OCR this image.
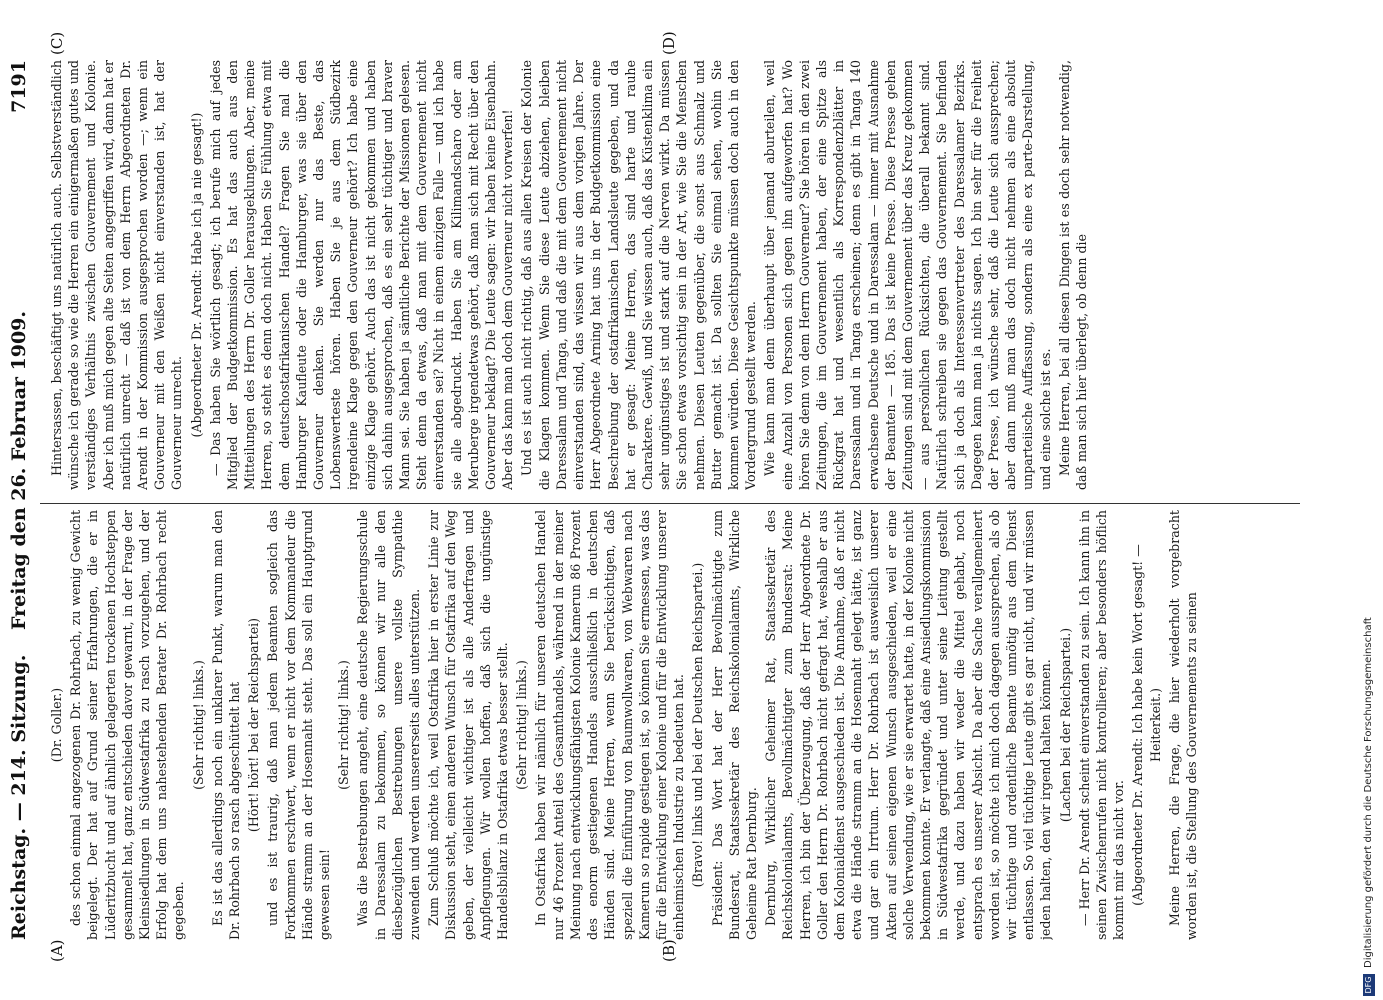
Reichstag. — 214. Sitzung.
Freitag den 26. Februar 1909.
7191
(A)	(B)
(C)	(D)

(Dr. Goller.) des schon einmal angezogenen Dr. Rohrbach, zu wenig Gewicht beigelegt. Der hat auf Grund seiner Erfahrungen, die er in Lüderitzbucht und auf ähnlich gelagerten trockenen Hochsteppen gesammelt hat, ganz entschieden davor gewarnt, in der Frage der Kleinsiedlungen in Südwestafrika zu rasch vorzugehen, und der Erfolg hat dem uns nahestehenden Berater Dr. Rohrbach recht gegeben.

(Sehr richtig! links.) Es ist das allerdings noch ein unklarer Punkt, warum man den Dr. Rohrbach so rasch abgeschüttelt hat (Hört! hört! bei der Reichspartei) und es ist traurig, daß man jedem Beamten sogleich das Fortkommen erschwert, wenn er nicht vor dem Kommandeur die Hände stramm an der Hosennaht steht. Das soll ein Hauptgrund gewesen sein!

(Sehr richtig! links.) Was die Bestrebungen angeht, eine deutsche Regierungsschule in Daressalam zu bekommen, so können wir nur alle den diesbezüglichen Bestrebungen unsere vollste Sympathie zuwenden und werden unsererseits alles unterstützen. Zum Schluß möchte ich, weil Ostafrika hier in erster Linie zur Diskussion steht, einen anderen Wunsch für Ostafrika auf den Weg geben, der vielleicht wichtiger ist als alle Anderfragen und Anpflegungen. Wir wollen hoffen, daß sich die ungünstige Handelsbilanz in Ostafrika etwas besser stellt. (Sehr richtig! links.) In Ostafrika haben wir nämlich für unseren deutschen Handel nur 46 Prozent Anteil des Gesamthandels, während in der meiner Meinung nach entwicklungsfähigsten Kolonie Kamerun 86 Prozent des enorm gestiegenen Handels ausschließlich in deutschen Händen sind. Meine Herren, wenn Sie berücksichtigen, daß speziell die Einführung von Baumwollwaren, von Webwaren nach Kamerun so rapide gestiegen ist, so können Sie ermessen, was das für die Entwicklung einer Kolonie und für die Entwicklung unserer einheimischen Industrie zu bedeuten hat. (Bravo! links und bei der Deutschen Reichspartei.) Präsident: Das Wort hat der Herr Bevollmächtigte zum Bundesrat, Staatssekretär des Reichskolonialamts, Wirkliche Geheime Rat Dernburg. Dernburg, Wirklicher Geheimer Rat, Staatssekretär des Reichskolonialamts, Bevollmächtigter zum Bundesrat: Meine Herren, ich bin der Überzeugung, daß der Herr Abgeordnete Dr. Goller den Herrn Dr. Rohrbach nicht gefragt hat, weshalb er aus dem Kolonialdienst ausgeschieden ist. Die Annahme, daß er nicht etwa die Hände stramm an die Hosennaht gelegt hätte, ist ganz und gar ein Irrtum. Herr Dr. Rohrbach ist ausweislich unserer Akten auf seinen eigenen Wunsch ausgeschieden, weil er eine solche Verwendung, wie er sie erwartet hatte, in der Kolonie nicht bekommen konnte. Er verlangte, daß eine Ansiedlungskommission in Südwestafrika gegründet und unter seine Leitung gestellt werde, und dazu haben wir weder die Mittel gehabt, noch entsprach es unserer Absicht. Da aber die Sache verallgemeinert worden ist, so möchte ich mich doch dagegen aussprechen, als ob wir tüchtige und ordentliche Beamte unnötig aus dem Dienst entlassen. So viel tüchtige Leute gibt es gar nicht, und wir müssen jeden halten, den wir irgend halten können. (Lachen bei der Reichspartei.) — Herr Dr. Arendt scheint einverstanden zu sein. Ich kann ihn in seinen Zwischenrufen nicht kontrollieren; aber besonders höflich kommt mir das nicht vor. (Abgeordneter Dr. Arendt: Ich habe kein Wort gesagt! — Heiterkeit.) Meine Herren, die Frage, die hier wiederholt vorgebracht worden ist, die Stellung des Gouvernements zu seinen

Hintersassen, beschäftigt uns natürlich auch. Selbstverständlich wünsche ich gerade so wie die Herren ein einigermaßen gutes und verständiges Verhältnis zwischen Gouvernement und Kolonie. Aber ich muß mich gegen alte Seiten angegriffen wird, dann hat er natürlich unrecht — daß ist von dem Herrn Abgeordneten Dr. Arendt in der Kommission ausgesprochen worden —; wenn ein Gouverneur mit den Weißen nicht einverstanden ist, hat der Gouverneur unrecht. (Abgeordneter Dr. Arendt: Habe ich ja nie gesagt!) — Das haben Sie wörtlich gesagt; ich berufe mich auf jedes Mitglied der Budgetkommission. Es hat das auch aus den Mitteilungen des Herrn Dr. Goller herausgeklungen. Aber, meine Herren, so steht es denn doch nicht. Haben Sie Fühlung etwa mit dem deutschostafrikanischen Handel? Fragen Sie mal die Hamburger Kaufleute oder die Hamburger, was sie über den Gouverneur denken. Sie werden nur das Beste, das Lobenswerteste hören. Haben Sie je aus dem Südbezirk irgendeine Klage gegen den Gouverneur gehört? Ich habe eine einzige Klage gehört. Auch das ist nicht gekommen und haben sich dahin ausgesprochen, daß es ein sehr tüchtiger und braver Mann sei. Sie haben ja sämtliche Berichte der Missionen gelesen. Steht denn da etwas, daß man mit dem Gouvernement nicht einverstanden sei? Nicht in einem einzigen Falle — und ich habe sie alle abgedruckt. Haben Sie am Kilimandscharo oder am Meruberge irgendetwas gehört, daß man sich mit Recht über den Gouverneur beklagt? Die Leute sagen: wir haben keine Eisenbahn. Aber das kann man doch dem Gouverneur nicht vorwerfen! Und es ist auch nicht richtig, daß aus allen Kreisen der Kolonie die Klagen kommen. Wenn Sie diese Leute abziehen, bleiben Daressalam und Tanga, und daß die mit dem Gouvernement nicht einverstanden sind, das wissen wir aus dem vorigen Jahre. Der Herr Abgeordnete Arning hat uns in der Budgetkommission eine Beschreibung der ostafrikanischen Landsleute gegeben, und da hat er gesagt: Meine Herren, das sind harte und rauhe Charaktere. Gewiß, und Sie wissen auch, daß das Küstenklima ein sehr ungünstiges ist und stark auf die Nerven wirkt. Da müssen Sie schon etwas vorsichtig sein in der Art, wie Sie die Menschen nehmen. Diesen Leuten gegenüber, die sonst aus Schmalz und Butter gemacht ist. Da sollten Sie einmal sehen, wohin Sie kommen würden. Diese Gesichtspunkte müssen doch auch in den Vordergrund gestellt werden. Wie kann man denn überhaupt über jemand aburteilen, weil eine Anzahl von Personen sich gegen ihn aufgeworfen hat? Wo hören Sie denn von dem Herrn Gouverneur? Sie hören in den zwei Zeitungen, die im Gouvernement haben, der eine Spitze als Rückgrat hat und wesentlich als Korrespondenzblätter in Daressalam und in Tanga erscheinen; denn es gibt in Tanga 140 erwachsene Deutsche und in Daressalam — immer mit Ausnahme der Beamten — 185. Das ist keine Presse. Diese Presse gehen Zeitungen sind mit dem Gouvernement über das Kreuz gekommen — aus persönlichen Rücksichten, die überall bekannt sind. Natürlich schreiben sie gegen das Gouvernement. Sie befinden sich ja doch als Interessenvertreter des Daressalamer Bezirks. Dagegen kann man ja nichts sagen. Ich bin sehr für die Freiheit der Presse, ich wünsche sehr, daß die Leute sich aussprechen; aber dann muß man das doch nicht nehmen als eine absolut unparteiische Auffassung, sondern als eine ex parte-Darstellung, und eine solche ist es. Meine Herren, bei all diesen Dingen ist es doch sehr notwendig, daß man sich hier überlegt, ob denn die

DFG
Digitalisierung gefördert durch die Deutsche Forschungsgemeinschaft
